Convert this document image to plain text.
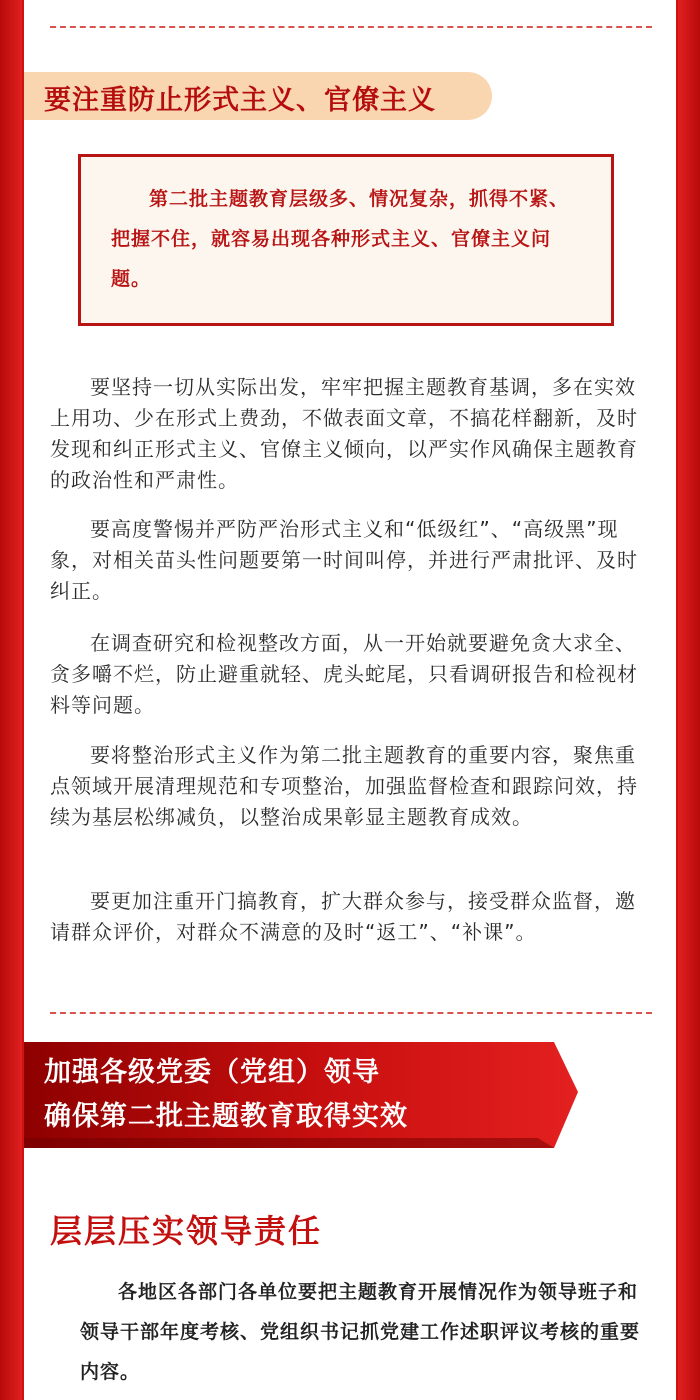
要注重防止形式主义、官僚主义

第二批主题教育层级多、情况复杂，抓得不紧、把握不住，就容易出现各种形式主义、官僚主义问题。

要坚持一切从实际出发，牢牢把握主题教育基调，多在实效上用功、少在形式上费劲，不做表面文章，不搞花样翻新，及时发现和纠正形式主义、官僚主义倾向，以严实作风确保主题教育的政治性和严肃性。

要高度警惕并严防严治形式主义和“低级红”、“高级黑”现象，对相关苗头性问题要第一时间叫停，并进行严肃批评、及时纠正。

在调查研究和检视整改方面，从一开始就要避免贪大求全、贪多嚼不烂，防止避重就轻、虎头蛇尾，只看调研报告和检视材料等问题。

要将整治形式主义作为第二批主题教育的重要内容，聚焦重点领域开展清理规范和专项整治，加强监督检查和跟踪问效，持续为基层松绑减负，以整治成果彰显主题教育成效。

要更加注重开门搞教育，扩大群众参与，接受群众监督，邀请群众评价，对群众不满意的及时“返工”、“补课”。

加强各级党委（党组）领导
确保第二批主题教育取得实效
层层压实领导责任

各地区各部门各单位要把主题教育开展情况作为领导班子和领导干部年度考核、党组织书记抓党建工作述职评议考核的重要内容。
